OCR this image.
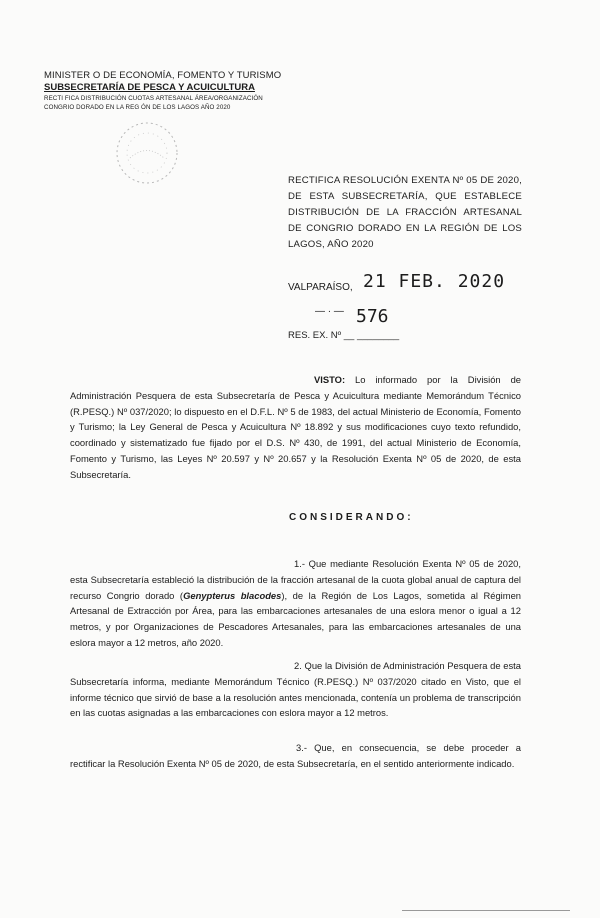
MINISTER O DE ECONOMÍA, FOMENTO Y TURISMO
SUBSECRETARÍA DE PESCA Y ACUICULTURA
RECTI FICA DISTRIBUCIÓN CUOTAS ARTESANAL ÁREA/ORGANIZACIÓN
CONGRIO DORADO EN LA REG ÓN DE LOS LAGOS AÑO 2020
RECTIFICA RESOLUCIÓN EXENTA Nº 05 DE 2020, DE ESTA SUBSECRETARÍA, QUE ESTABLECE DISTRIBUCIÓN DE LA FRACCIÓN ARTESANAL DE CONGRIO DORADO EN LA REGIÓN DE LOS LAGOS, AÑO 2020
VALPARAÍSO, 21 FEB. 2020
— · — 576
RES. EX. Nº __ ________
VISTO: Lo informado por la División de Administración Pesquera de esta Subsecretaría de Pesca y Acuicultura mediante Memorándum Técnico (R.PESQ.) Nº 037/2020; lo dispuesto en el D.F.L. Nº 5 de 1983, del actual Ministerio de Economía, Fomento y Turismo; la Ley General de Pesca y Acuicultura Nº 18.892 y sus modificaciones cuyo texto refundido, coordinado y sistematizado fue fijado por el D.S. Nº 430, de 1991, del actual Ministerio de Economía, Fomento y Turismo, las Leyes Nº 20.597 y Nº 20.657 y la Resolución Exenta Nº 05 de 2020, de esta Subsecretaría.
CONSIDERANDO:
1.- Que mediante Resolución Exenta Nº 05 de 2020, esta Subsecretaría estableció la distribución de la fracción artesanal de la cuota global anual de captura del recurso Congrio dorado (Genypterus blacodes), de la Región de Los Lagos, sometida al Régimen Artesanal de Extracción por Área, para las embarcaciones artesanales de una eslora menor o igual a 12 metros, y por Organizaciones de Pescadores Artesanales, para las embarcaciones artesanales de una eslora mayor a 12 metros, año 2020.
2. Que la División de Administración Pesquera de esta Subsecretaría informa, mediante Memorándum Técnico (R.PESQ.) Nº 037/2020 citado en Visto, que el informe técnico que sirvió de base a la resolución antes mencionada, contenía un problema de transcripción en las cuotas asignadas a las embarcaciones con eslora mayor a 12 metros.
3.- Que, en consecuencia, se debe proceder a rectificar la Resolución Exenta Nº 05 de 2020, de esta Subsecretaría, en el sentido anteriormente indicado.
